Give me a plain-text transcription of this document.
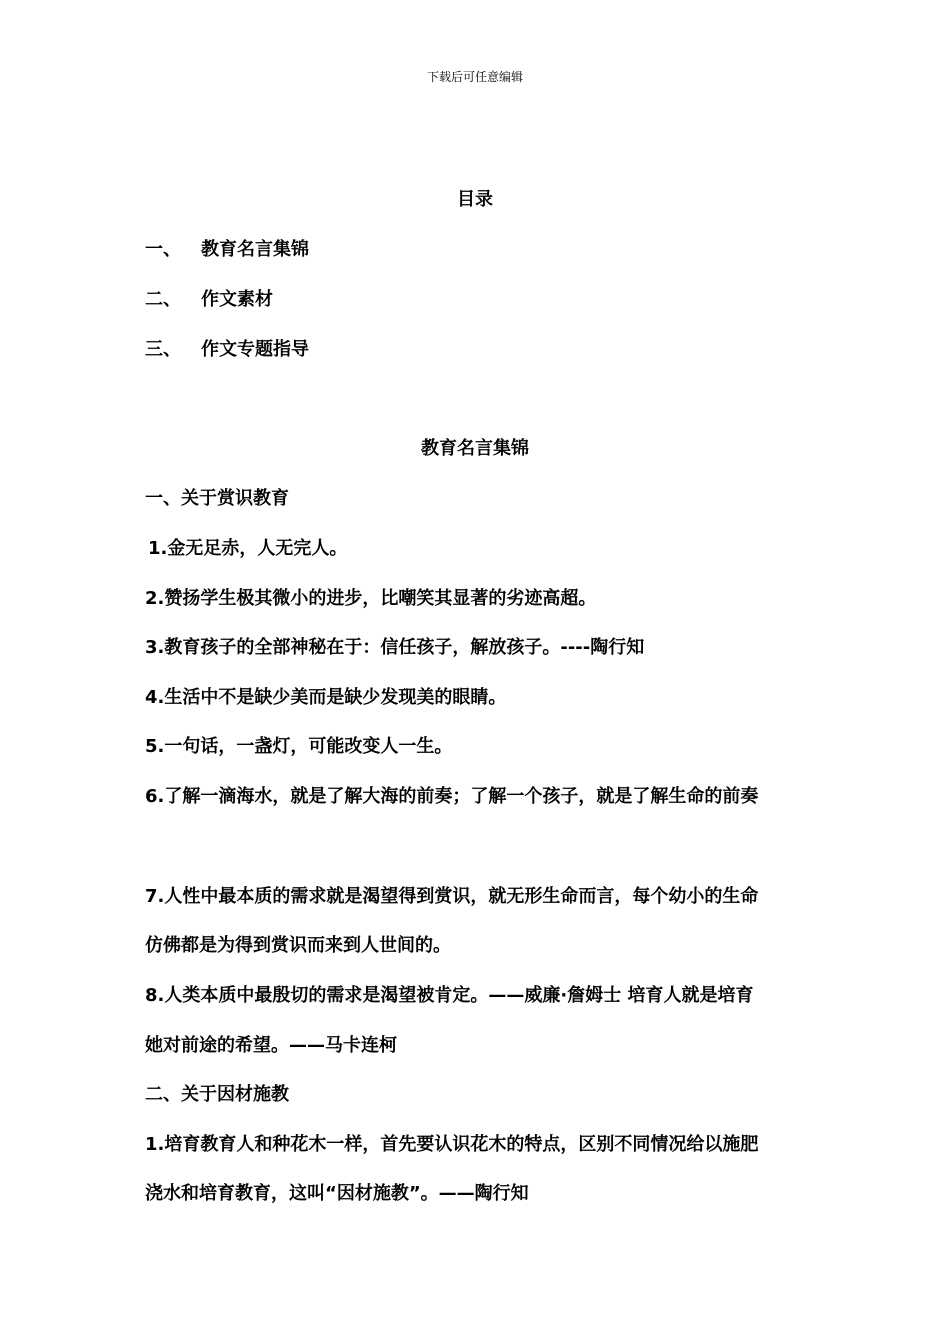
下载后可任意编辑
目录
一、 教育名言集锦
二、 作文素材
三、 作文专题指导
教育名言集锦
一、关于赏识教育
1.金无足赤，人无完人。
2.赞扬学生极其微小的进步，比嘲笑其显著的劣迹高超。
3.教育孩子的全部神秘在于：信任孩子，解放孩子。----陶行知
4.生活中不是缺少美而是缺少发现美的眼睛。
5.一句话，一盏灯，可能改变人一生。
6.了解一滴海水，就是了解大海的前奏；了解一个孩子，就是了解生命的前奏
7.人性中最本质的需求就是渴望得到赏识，就无形生命而言，每个幼小的生命
仿佛都是为得到赏识而来到人世间的。
8.人类本质中最殷切的需求是渴望被肯定。——威廉·詹姆士 培育人就是培育
她对前途的希望。——马卡连柯
二、关于因材施教
1.培育教育人和种花木一样，首先要认识花木的特点，区别不同情况给以施肥
浇水和培育教育，这叫“因材施教”。——陶行知
